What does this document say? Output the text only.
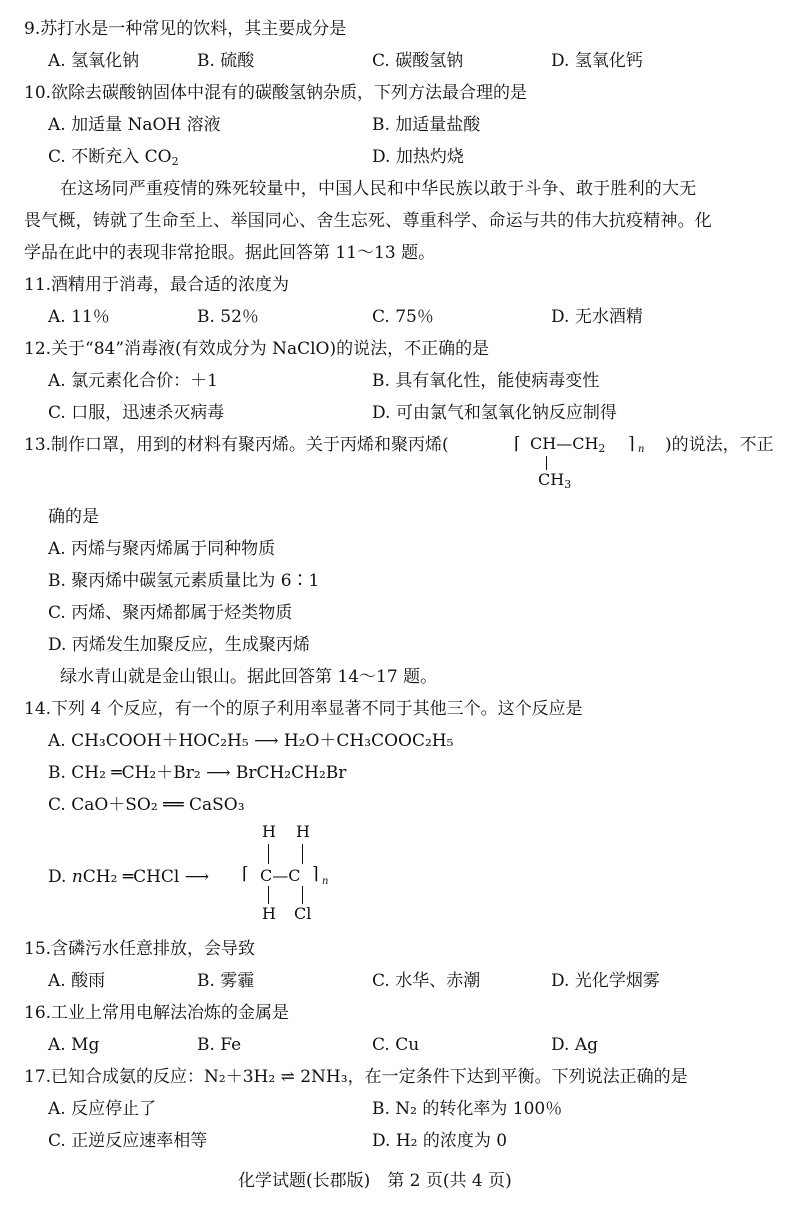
9.苏打水是一种常见的饮料，其主要成分是
A. 氢氧化钠	B. 硫酸	C. 碳酸氢钠	D. 氢氧化钙
10.欲除去碳酸钠固体中混有的碳酸氢钠杂质，下列方法最合理的是
A. 加适量 NaOH 溶液	B. 加适量盐酸
C. 不断充入 $CO_2$	D. 加热灼烧
在这场同严重疫情的殊死较量中，中国人民和中华民族以敢于斗争、敢于胜利的大无
畏气概，铸就了生命至上、举国同心、舍生忘死、尊重科学、命运与共的伟大抗疫精神。化
学品在此中的表现非常抢眼。据此回答第 11～13 题。
11.酒精用于消毒，最合适的浓度为
A. 11％	B. 52％	C. 75％	D. 无水酒精
12.关于“84”消毒液(有效成分为 NaClO)的说法，不正确的是
A. 氯元素化合价：＋1	B. 具有氧化性，能使病毒变性
C. 口服，迅速杀灭病毒	D. 可由氯气和氢氧化钠反应制得
13.制作口罩，用到的材料有聚丙烯。关于丙烯和聚丙烯(	⌈ $CH—CH_2$ ⌉ n
$CH_3$
)的说法，不正
确的是
A. 丙烯与聚丙烯属于同种物质
B. 聚丙烯中碳氢元素质量比为 6∶1
C. 丙烯、聚丙烯都属于烃类物质
D. 丙烯发生加聚反应，生成聚丙烯
绿水青山就是金山银山。据此回答第 14～17 题。
14.下列 4 个反应，有一个的原子利用率显著不同于其他三个。这个反应是
A. CH₃COOH＋HOC₂H₅ ⟶ H₂O＋CH₃COOC₂H₅
B. CH₂ ═CH₂＋Br₂ ⟶ BrCH₂CH₂Br
C. CaO＋SO₂ ══ CaSO₃
D. nCH₂ ═CHCl ⟶
H H
⌈ C—C ⌉ n
H Cl
15.含磷污水任意排放，会导致
A. 酸雨	B. 雾霾	C. 水华、赤潮	D. 光化学烟雾
16.工业上常用电解法冶炼的金属是
A. Mg	B. Fe	C. Cu	D. Ag
17.已知合成氨的反应：N₂＋3H₂ ⇌ 2NH₃，在一定条件下达到平衡。下列说法正确的是
A. 反应停止了	B. N₂ 的转化率为 100％
C. 正逆反应速率相等	D. H₂ 的浓度为 0
化学试题(长郡版)　第 2 页(共 4 页)
